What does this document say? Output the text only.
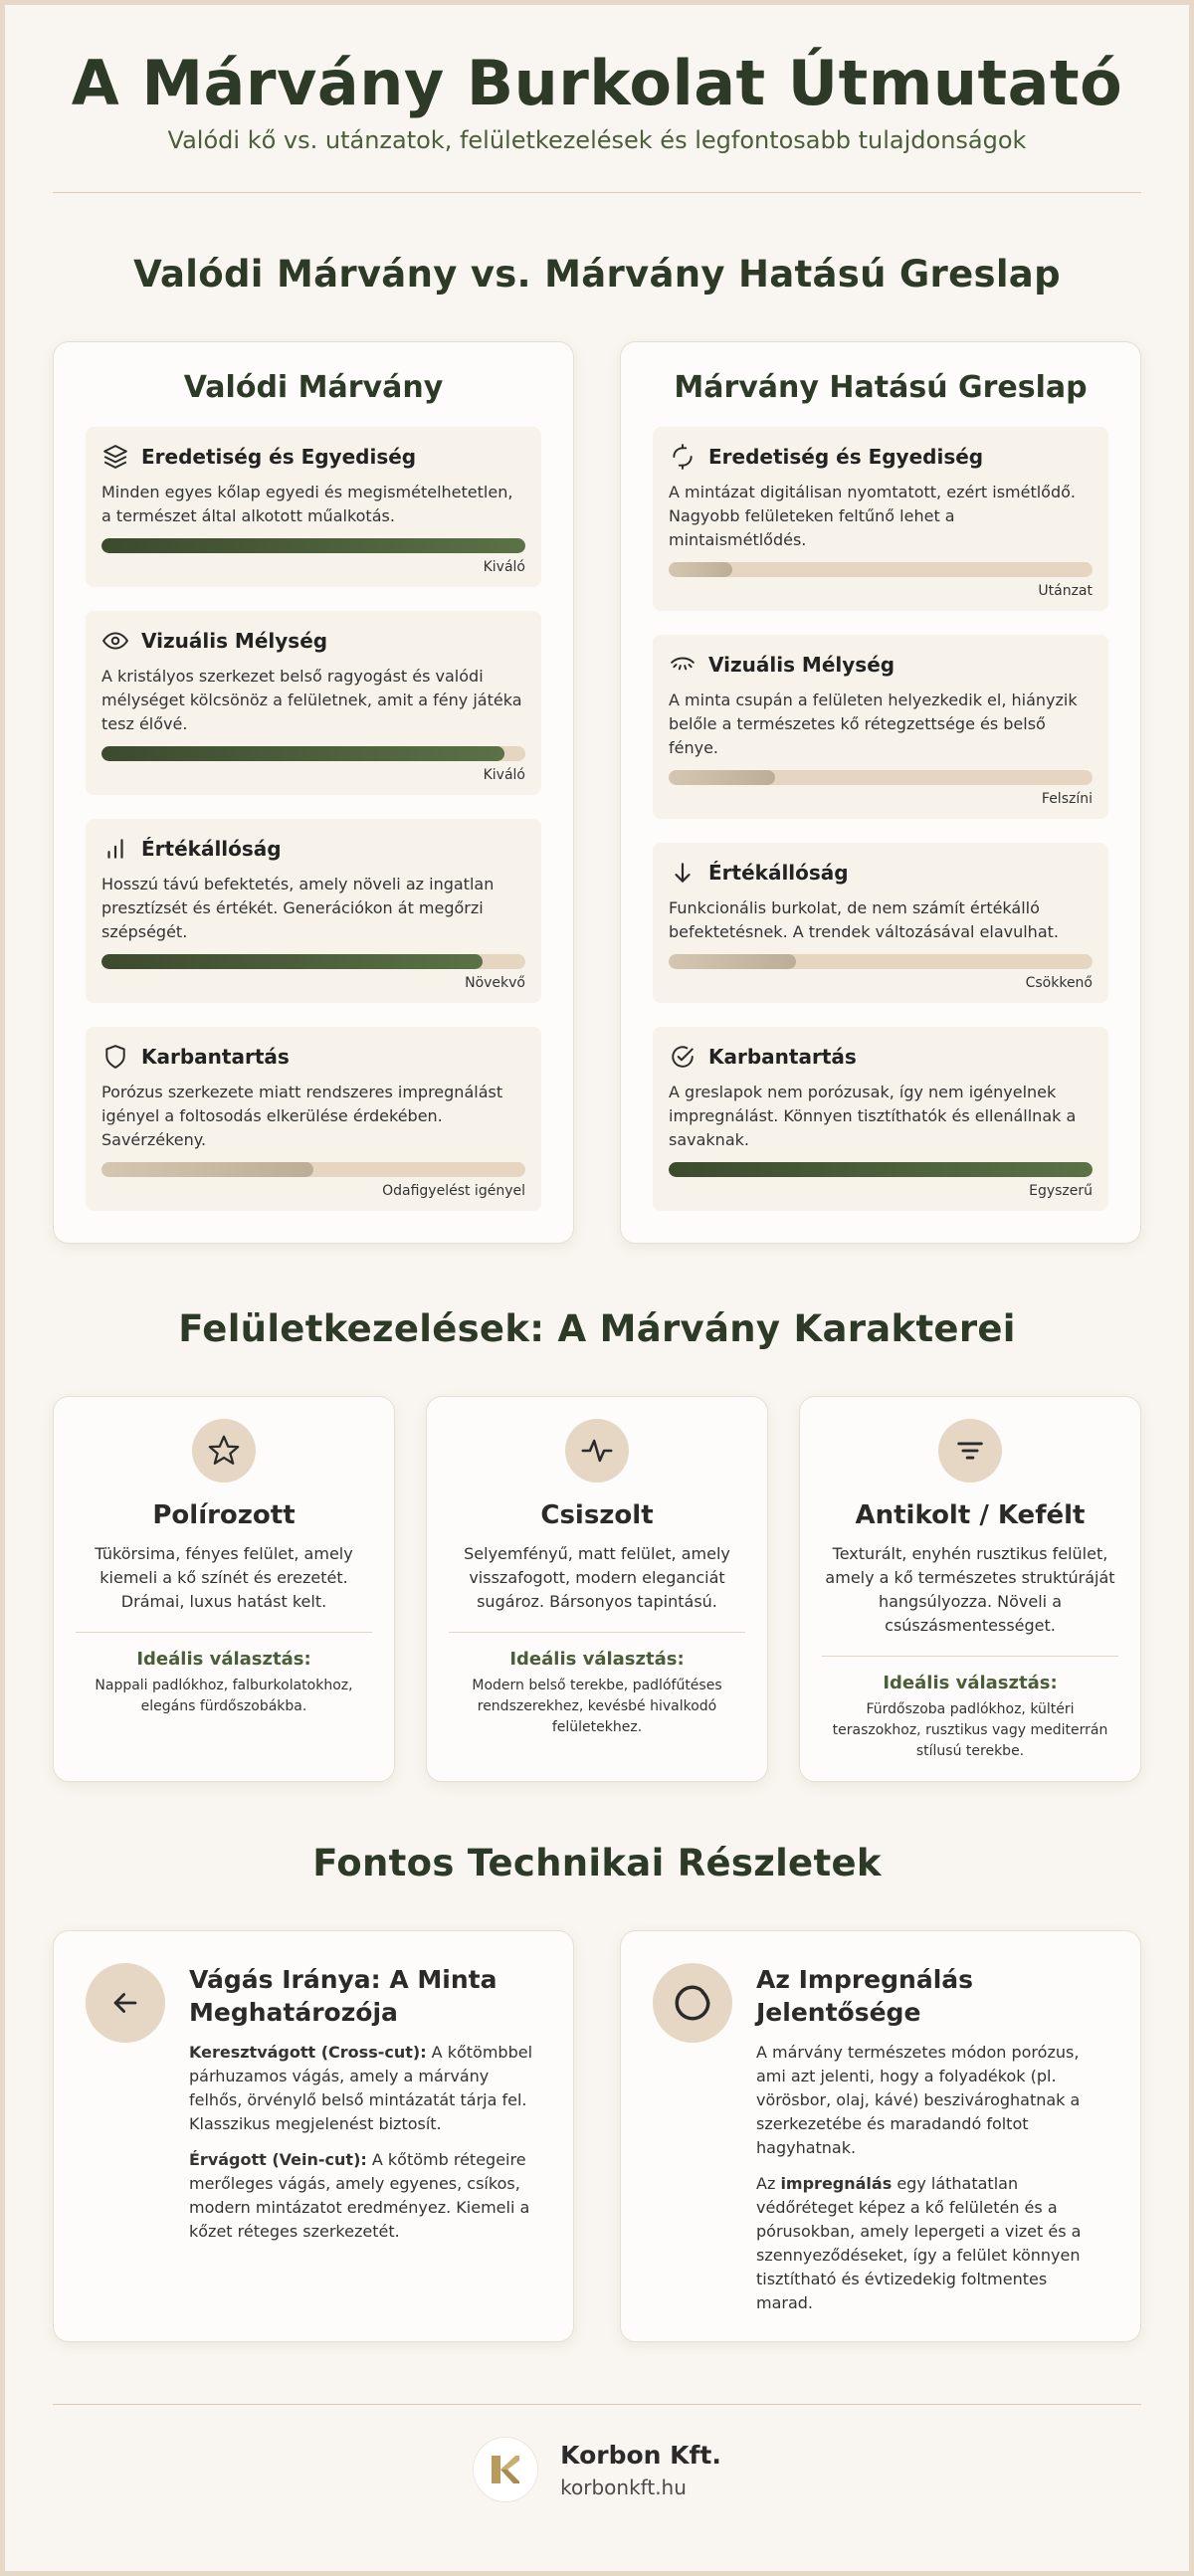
A Márvány Burkolat Útmutató

Valódi kő vs. utánzatok, felületkezelések és legfontosabb tulajdonságok

Valódi Márvány vs. Márvány Hatású Greslap
Valódi Márvány
Eredetiség és Egyediség

Minden egyes kőlap egyedi és megismételhetetlen, a természet által alkotott műalkotás.

Kiváló
Vizuális Mélység

A kristályos szerkezet belső ragyogást és valódi mélységet kölcsönöz a felületnek, amit a fény játéka tesz élővé.

Kiváló
Értékállóság

Hosszú távú befektetés, amely növeli az ingatlan presztízsét és értékét. Generációkon át megőrzi szépségét.

Növekvő
Karbantartás

Porózus szerkezete miatt rendszeres impregnálást igényel a foltosodás elkerülése érdekében. Savérzékeny.

Odafigyelést igényel
Márvány Hatású Greslap
Eredetiség és Egyediség

A mintázat digitálisan nyomtatott, ezért ismétlődő. Nagyobb felületeken feltűnő lehet a mintaismétlődés.

Utánzat
Vizuális Mélység

A minta csupán a felületen helyezkedik el, hiányzik belőle a természetes kő rétegzettsége és belső fénye.

Felszíni
Értékállóság

Funkcionális burkolat, de nem számít értékálló befektetésnek. A trendek változásával elavulhat.

Csökkenő
Karbantartás

A greslapok nem porózusak, így nem igényelnek impregnálást. Könnyen tisztíthatók és ellenállnak a savaknak.

Egyszerű
Felületkezelések: A Márvány Karakterei
Polírozott

Tükörsima, fényes felület, amely kiemeli a kő színét és erezetét. Drámai, luxus hatást kelt.

Ideális választás:

Nappali padlókhoz, falburkolatokhoz, elegáns fürdőszobákba.

Csiszolt

Selyemfényű, matt felület, amely visszafogott, modern eleganciát sugároz. Bársonyos tapintású.

Ideális választás:

Modern belső terekbe, padlófűtéses rendszerekhez, kevésbé hivalkodó felületekhez.

Antikolt / Kefélt

Texturált, enyhén rusztikus felület, amely a kő természetes struktúráját hangsúlyozza. Növeli a csúszásmentességet.

Ideális választás:

Fürdőszoba padlókhoz, kültéri teraszokhoz, rusztikus vagy mediterrán stílusú terekbe.

Fontos Technikai Részletek
Vágás Iránya: A Minta Meghatározója

Keresztvágott (Cross-cut): A kőtömbbel párhuzamos vágás, amely a márvány felhős, örvénylő belső mintázatát tárja fel. Klasszikus megjelenést biztosít.

Érvágott (Vein-cut): A kőtömb rétegeire merőleges vágás, amely egyenes, csíkos, modern mintázatot eredményez. Kiemeli a kőzet réteges szerkezetét.

Az Impregnálás Jelentősége

A márvány természetes módon porózus, ami azt jelenti, hogy a folyadékok (pl. vörösbor, olaj, kávé) beszivároghatnak a szerkezetébe és maradandó foltot hagyhatnak.

Az impregnálás egy láthatatlan védőréteget képez a kő felületén és a pórusokban, amely lepergeti a vizet és a szennyeződéseket, így a felület könnyen tisztítható és évtizedekig foltmentes marad.

Korbon Kft.
korbonkft.hu
